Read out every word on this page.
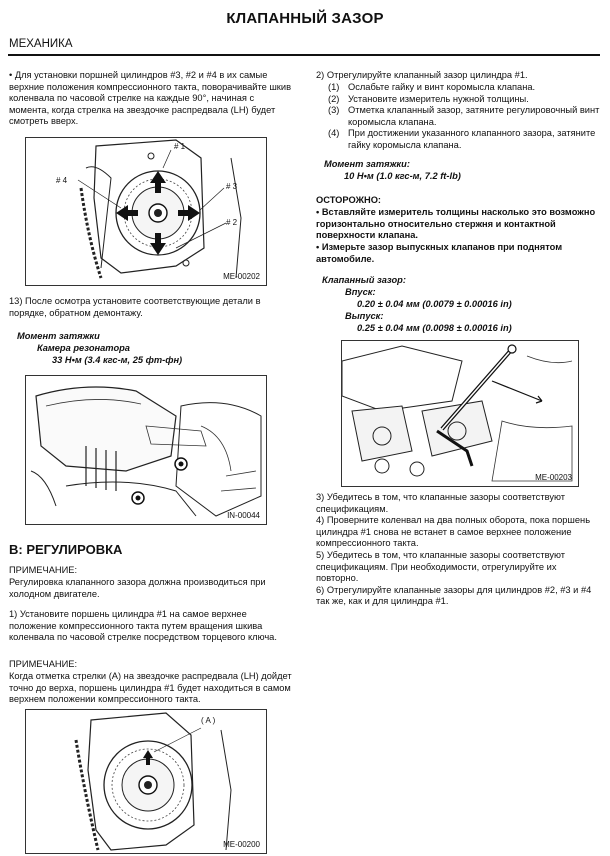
КЛАПАННЫЙ ЗАЗОР
МЕХАНИКА
• Для установки поршней цилиндров #3, #2 и #4 в их самые верхние положения компрессионного такта, поворачивайте шкив коленвала по часовой стрелке на каждые 90°, начиная с момента, когда стрелка на звездочке распредвала (LH) будет смотреть вверх.
# 1
# 4
# 3
# 2
ME-00202
13) После осмотра установите соответствующие детали в порядке, обратном демонтажу.
Момент затяжки
Камера резонатора
33 Н•м (3.4 кгс-м, 25 фт-фн)
IN-00044
B: РЕГУЛИРОВКА
ПРИМЕЧАНИЕ:
Регулировка клапанного зазора должна производиться при холодном двигателе.
1) Установите поршень цилиндра #1 на самое верхнее положение компрессионного такта путем вращения шкива коленвала по часовой стрелке посредством торцевого ключа.
ПРИМЕЧАНИЕ:
Когда отметка стрелки (A) на звездочке распредвала (LH) дойдет точно до верха, поршень цилиндра #1 будет находиться в самом верхнем положении компрессионного такта.
( A )
ME-00200
2) Отрегулируйте клапанный зазор цилиндра #1.
(1) Ослабьте гайку и винт коромысла клапана.
(2) Установите измеритель нужной толщины.
(3) Отметка клапанный зазор, затяните регулировочный винт коромысла клапана.
(4) При достижении указанного клапанного зазора, затяните гайку коромысла клапана.
Момент затяжки:
10 Н•м (1.0 кгс-м, 7.2 ft-lb)
ОСТОРОЖНО:
• Вставляйте измеритель толщины насколько это возможно горизонтально относительно стержня и контактной поверхности клапана.
• Измерьте зазор выпускных клапанов при поднятом автомобиле.
Клапанный зазор:
Впуск:
0.20 ± 0.04 мм (0.0079 ± 0.00016 in)
Выпуск:
0.25 ± 0.04 мм (0.0098 ± 0.00016 in)
ME-00203
3) Убедитесь в том, что клапанные зазоры соответствуют спецификациям.
4) Проверните коленвал на два полных оборота, пока поршень цилиндра #1 снова не встанет в самое верхнее положение компрессионного такта.
5) Убедитесь в том, что клапанные зазоры соответствуют спецификациям. При необходимости, отрегулируйте их повторно.
6) Отрегулируйте клапанные зазоры для цилиндров #2, #3 и #4 так же, как и для цилиндра #1.
